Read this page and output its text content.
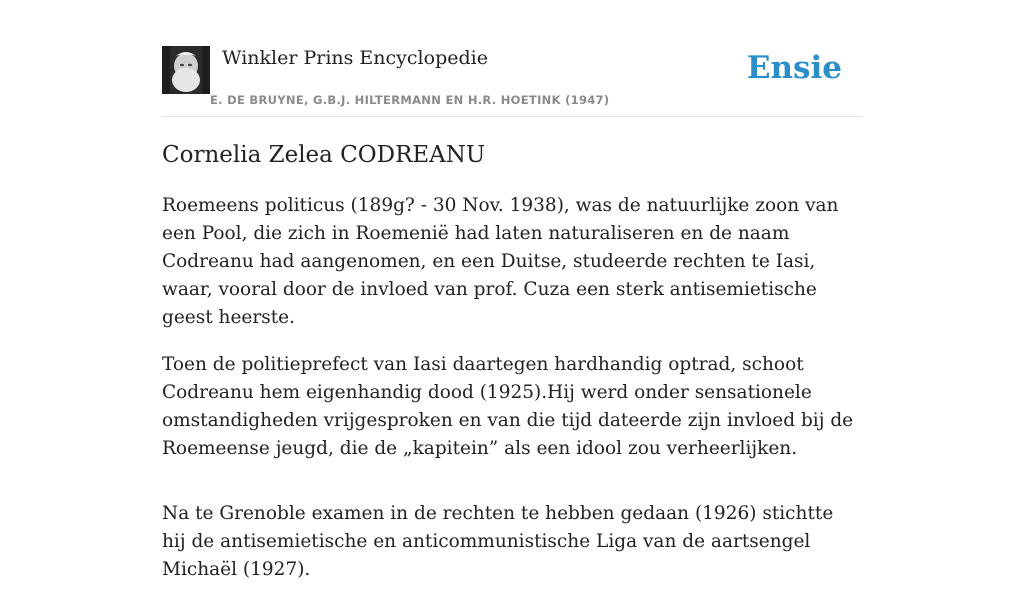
Winkler Prins Encyclopedie
E. DE BRUYNE, G.B.J. HILTERMANN EN H.R. HOETINK (1947)
Ensie
Cornelia Zelea CODREANU

Roemeens politicus (189g? - 30 Nov. 1938), was de natuurlijke zoon van een Pool, die zich in Roemenië had laten naturaliseren en de naam Codreanu had aangenomen, en een Duitse, studeerde rechten te Iasi, waar, vooral door de invloed van prof. Cuza een sterk antisemietische geest heerste.

Toen de politieprefect van Iasi daartegen hardhandig optrad, schoot Codreanu hem eigenhandig dood (1925).Hij werd onder sensationele omstandigheden vrijgesproken en van die tijd dateerde zijn invloed bij de Roemeense jeugd, die de „kapitein” als een idool zou verheerlijken.

Na te Grenoble examen in de rechten te hebben gedaan (1926) stichtte hij de antisemietische en anticommunistische Liga van de aartsengel Michaël (1927).
